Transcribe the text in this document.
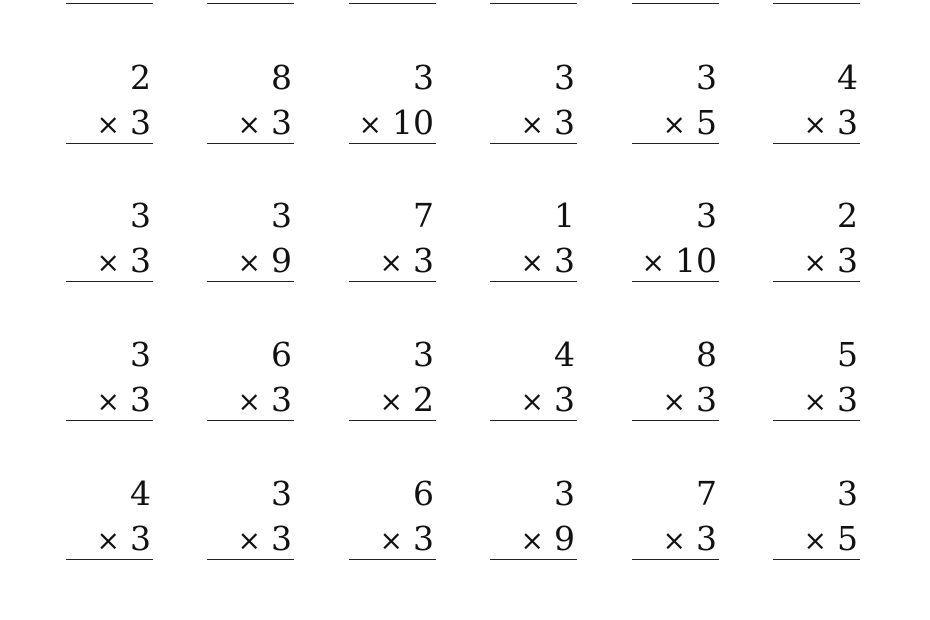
2
× 3
8
× 3
3
× 10
3
× 3
3
× 5
4
× 3
3
× 3
3
× 9
7
× 3
1
× 3
3
× 10
2
× 3
3
× 3
6
× 3
3
× 2
4
× 3
8
× 3
5
× 3
4
× 3
3
× 3
6
× 3
3
× 9
7
× 3
3
× 5
